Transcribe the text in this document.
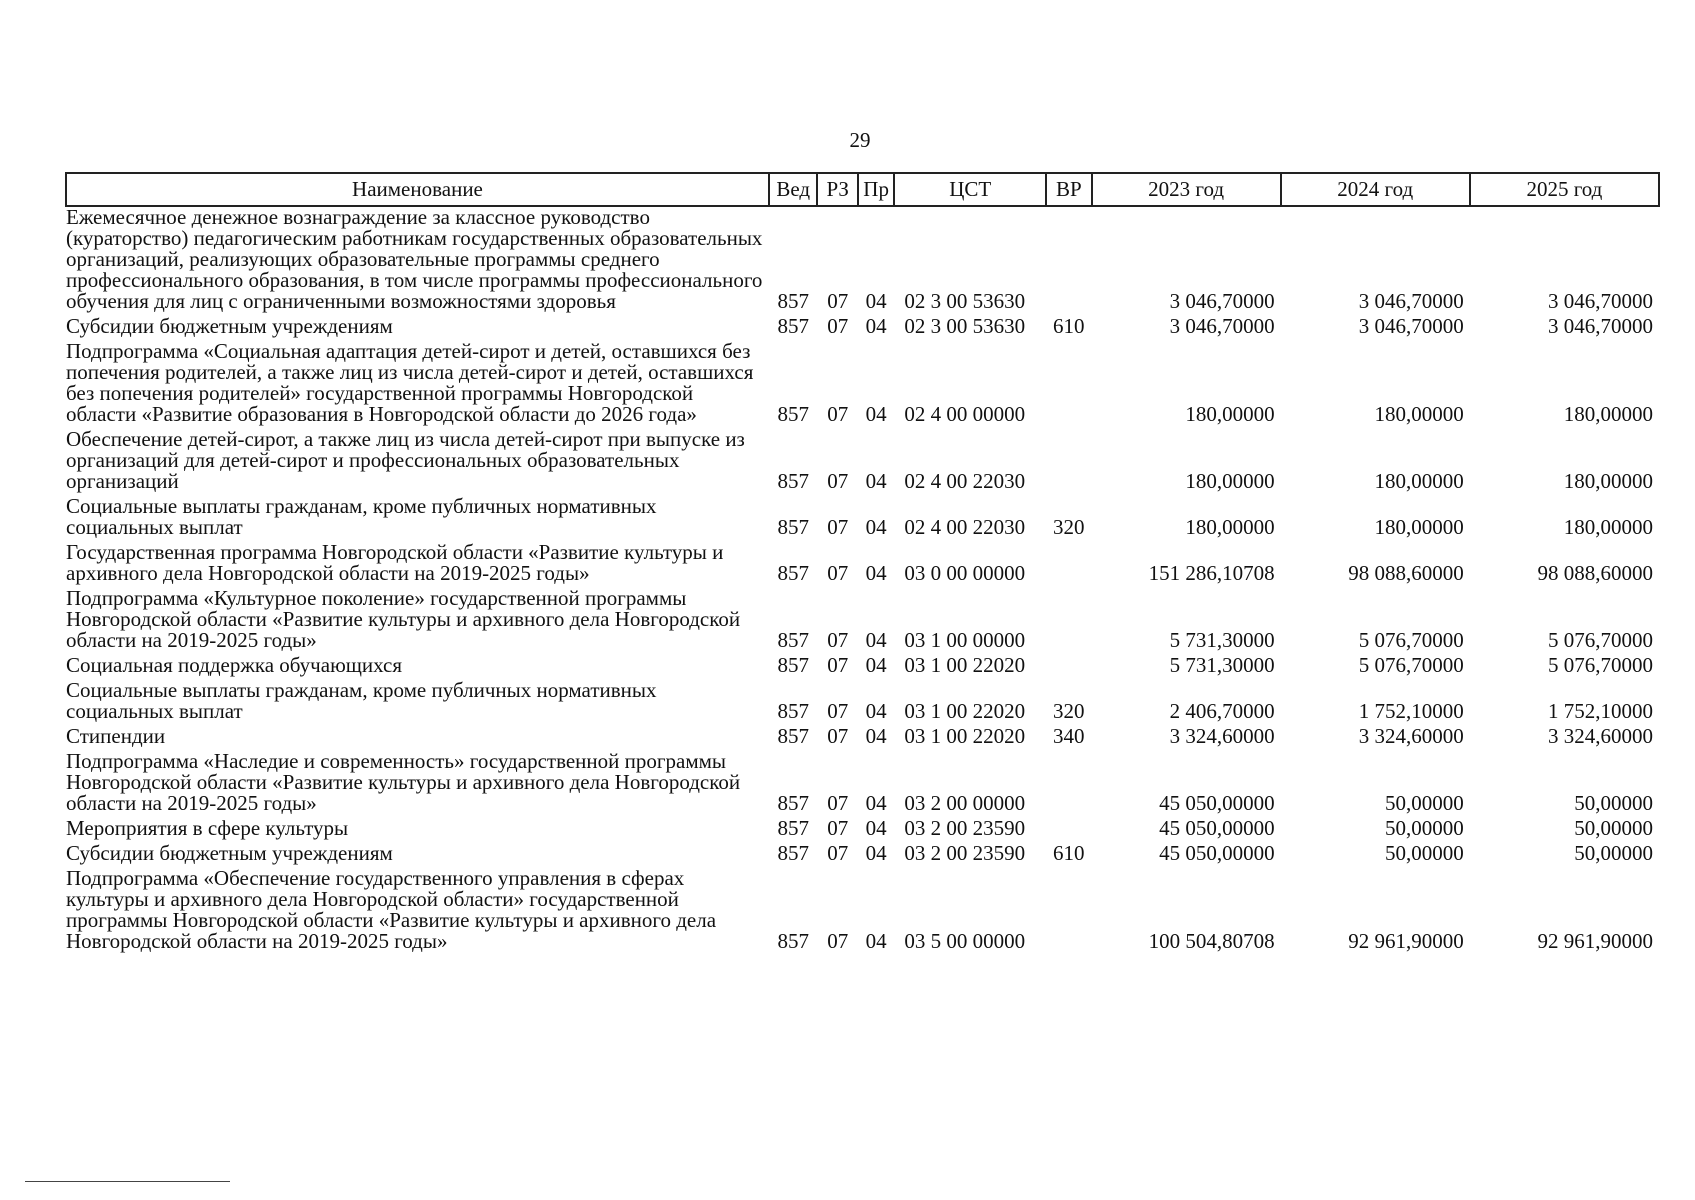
29
Наименование	Вед	РЗ	Пр	ЦСТ	ВР	2023 год	2024 год	2025 год
Ежемесячное денежное вознаграждение за классное руководство (кураторство) педагогическим работникам государственных образовательных организаций, реализующих образовательные программы среднего профессионального образования, в том числе программы профессионального обучения для лиц с ограниченными возможностями здоровья	857	07	04	02 3 00 53630		3 046,70000	3 046,70000	3 046,70000
Субсидии бюджетным учреждениям	857	07	04	02 3 00 53630	610	3 046,70000	3 046,70000	3 046,70000
Подпрограмма «Социальная адаптация детей-сирот и детей, оставшихся без попечения родителей, а также лиц из числа детей-сирот и детей, оставшихся без попечения родителей» государственной программы Новгородской области «Развитие образования в Новгородской области до 2026 года»	857	07	04	02 4 00 00000		180,00000	180,00000	180,00000
Обеспечение детей-сирот, а также лиц из числа детей-сирот при выпуске из организаций для детей-сирот и профессиональных образовательных организаций	857	07	04	02 4 00 22030		180,00000	180,00000	180,00000
Социальные выплаты гражданам, кроме публичных нормативных социальных выплат	857	07	04	02 4 00 22030	320	180,00000	180,00000	180,00000
Государственная программа Новгородской области «Развитие культуры и архивного дела Новгородской области на 2019-2025 годы»	857	07	04	03 0 00 00000		151 286,10708	98 088,60000	98 088,60000
Подпрограмма «Культурное поколение» государственной программы Новгородской области «Развитие культуры и архивного дела Новгородской области на 2019-2025 годы»	857	07	04	03 1 00 00000		5 731,30000	5 076,70000	5 076,70000
Социальная поддержка обучающихся	857	07	04	03 1 00 22020		5 731,30000	5 076,70000	5 076,70000
Социальные выплаты гражданам, кроме публичных нормативных социальных выплат	857	07	04	03 1 00 22020	320	2 406,70000	1 752,10000	1 752,10000
Стипендии	857	07	04	03 1 00 22020	340	3 324,60000	3 324,60000	3 324,60000
Подпрограмма «Наследие и современность» государственной программы Новгородской области «Развитие культуры и архивного дела Новгородской области на 2019-2025 годы»	857	07	04	03 2 00 00000		45 050,00000	50,00000	50,00000
Мероприятия в сфере культуры	857	07	04	03 2 00 23590		45 050,00000	50,00000	50,00000
Субсидии бюджетным учреждениям	857	07	04	03 2 00 23590	610	45 050,00000	50,00000	50,00000
Подпрограмма «Обеспечение государственного управления в сферах культуры и архивного дела Новгородской области» государственной программы Новгородской области «Развитие культуры и архивного дела Новгородской области на 2019-2025 годы»	857	07	04	03 5 00 00000		100 504,80708	92 961,90000	92 961,90000
